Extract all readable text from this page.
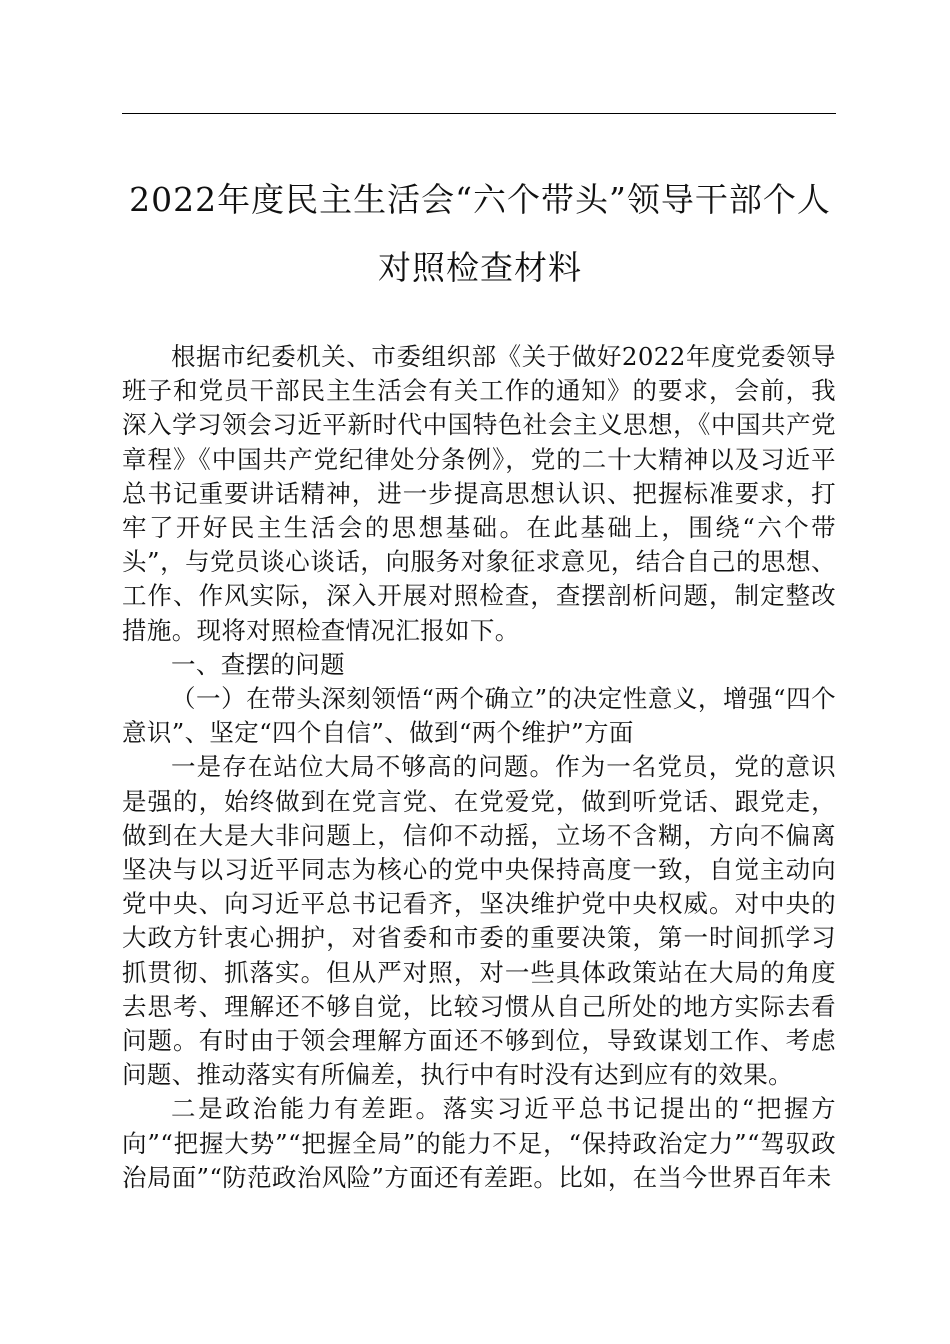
2022年度民主生活会“六个带头”领导干部个人
对照检查材料

根据市纪委机关、市委组织部《关于做好2022年度党委领导班子和党员干部民主生活会有关工作的通知》的要求，会前，我深入学习领会习近平新时代中国特色社会主义思想，《中国共产党章程》《中国共产党纪律处分条例》，党的二十大精神以及习近平总书记重要讲话精神，进一步提高思想认识、把握标准要求，打牢了开好民主生活会的思想基础。在此基础上，围绕“六个带头”，与党员谈心谈话，向服务对象征求意见，结合自己的思想、工作、作风实际，深入开展对照检查，查摆剖析问题，制定整改措施。现将对照检查情况汇报如下。

一、查摆的问题

（一）在带头深刻领悟“两个确立”的决定性意义，增强“四个意识”、坚定“四个自信”、做到“两个维护”方面

一是存在站位大局不够高的问题。作为一名党员，党的意识是强的，始终做到在党言党、在党爱党，做到听党话、跟党走，做到在大是大非问题上，信仰不动摇，立场不含糊，方向不偏离坚决与以习近平同志为核心的党中央保持高度一致，自觉主动向党中央、向习近平总书记看齐，坚决维护党中央权威。对中央的大政方针衷心拥护，对省委和市委的重要决策，第一时间抓学习抓贯彻、抓落实。但从严对照，对一些具体政策站在大局的角度去思考、理解还不够自觉，比较习惯从自己所处的地方实际去看问题。有时由于领会理解方面还不够到位，导致谋划工作、考虑问题、推动落实有所偏差，执行中有时没有达到应有的效果。

二是政治能力有差距。落实习近平总书记提出的“把握方向”“把握大势”“把握全局”的能力不足，“保持政治定力”“驾驭政治局面”“防范政治风险”方面还有差距。比如，在当今世界百年未
